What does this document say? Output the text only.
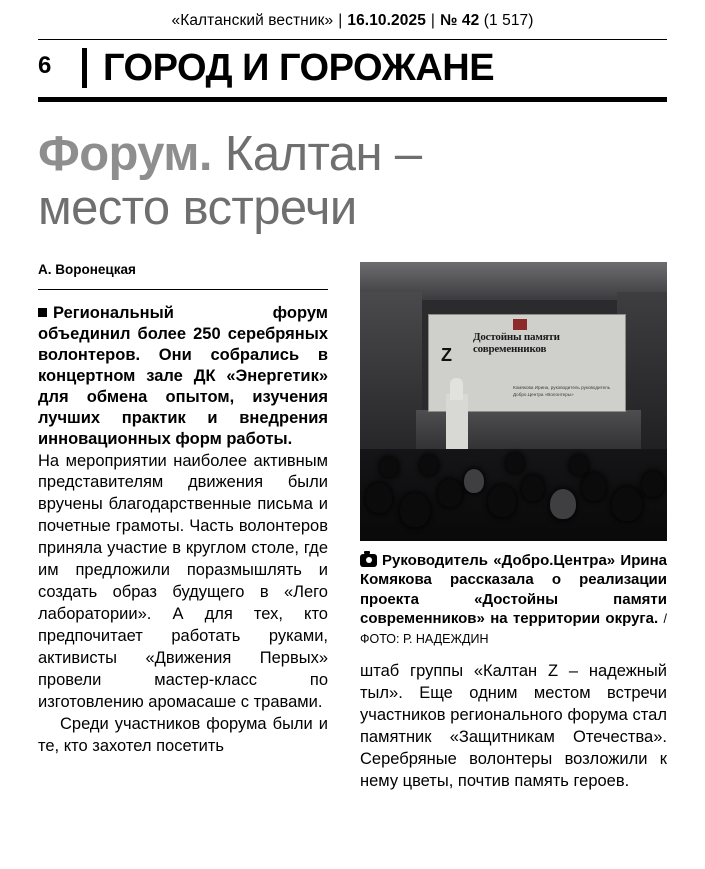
«Калтанский вестник» | 16.10.2025 | № 42 (1 517)
6	ГОРОД И ГОРОЖАНЕ
Форум. Калтан –
место встречи
А. Воронецкая
Региональный форум объединил более 250 серебряных волонтеров. Они собрались в концертном зале ДК «Энергетик» для обмена опытом, изучения лучших практик и внедрения инновационных форм работы.

На мероприятии наиболее активным представителям движения были вручены благодарственные письма и почетные грамоты. Часть волонтеров приняла участие в круглом столе, где им предложили поразмышлять и создать образ будущего в «Лего лаборатории». А для тех, кто предпочитает работать руками, активисты «Движения Первых» провели мастер-класс по изготовлению аромасаше с травами.

Среди участников форума были и те, кто захотел посетить

Z
Достойны памяти
современников
Комякова Ирина, руководитель руководитель Добро.Центра «Волонтеры»
Руководитель «Добро.Центра» Ирина Комякова рассказала о реализации проекта «Достойны памяти современников» на территории округа. /ФОТО: Р. НАДЕЖДИН

штаб группы «Калтан Z – надежный тыл». Еще одним местом встречи участников регионального форума стал памятник «Защитникам Отечества». Серебряные волонтеры возложили к нему цветы, почтив память героев.
